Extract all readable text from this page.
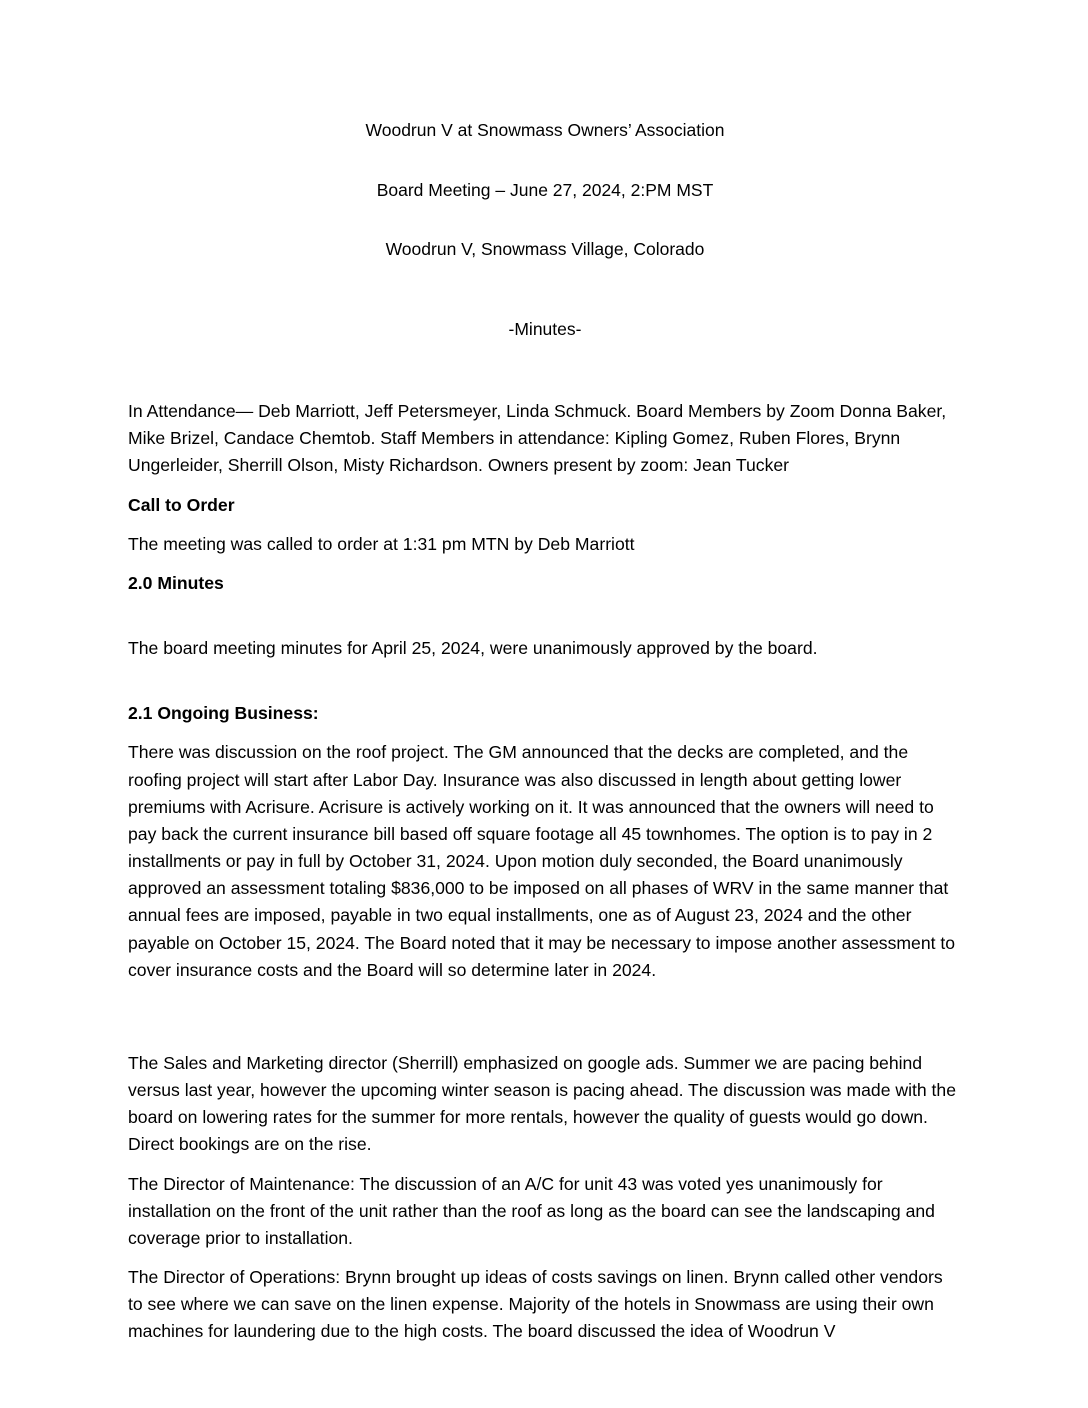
Woodrun V at Snowmass Owners’ Association

Board Meeting – June 27, 2024, 2:PM MST

Woodrun V, Snowmass Village, Colorado

-Minutes-

In Attendance— Deb Marriott, Jeff Petersmeyer, Linda Schmuck. Board Members by Zoom Donna Baker, Mike Brizel, Candace Chemtob. Staff Members in attendance: Kipling Gomez, Ruben Flores, Brynn Ungerleider, Sherrill Olson, Misty Richardson. Owners present by zoom: Jean Tucker

Call to Order

The meeting was called to order at 1:31 pm MTN by Deb Marriott

2.0 Minutes

The board meeting minutes for April 25, 2024, were unanimously approved by the board.

2.1 Ongoing Business:

There was discussion on the roof project. The GM announced that the decks are completed, and the roofing project will start after Labor Day. Insurance was also discussed in length about getting lower premiums with Acrisure. Acrisure is actively working on it. It was announced that the owners will need to pay back the current insurance bill based off square footage all 45 townhomes. The option is to pay in 2 installments or pay in full by October 31, 2024. Upon motion duly seconded, the Board unanimously approved an assessment totaling $836,000 to be imposed on all phases of WRV in the same manner that annual fees are imposed, payable in two equal installments, one as of August 23, 2024 and the other payable on October 15, 2024. The Board noted that it may be necessary to impose another assessment to cover insurance costs and the Board will so determine later in 2024.

The Sales and Marketing director (Sherrill) emphasized on google ads. Summer we are pacing behind versus last year, however the upcoming winter season is pacing ahead. The discussion was made with the board on lowering rates for the summer for more rentals, however the quality of guests would go down. Direct bookings are on the rise.

The Director of Maintenance: The discussion of an A/C for unit 43 was voted yes unanimously for installation on the front of the unit rather than the roof as long as the board can see the landscaping and coverage prior to installation.

The Director of Operations: Brynn brought up ideas of costs savings on linen. Brynn called other vendors to see where we can save on the linen expense. Majority of the hotels in Snowmass are using their own machines for laundering due to the high costs. The board discussed the idea of Woodrun V
